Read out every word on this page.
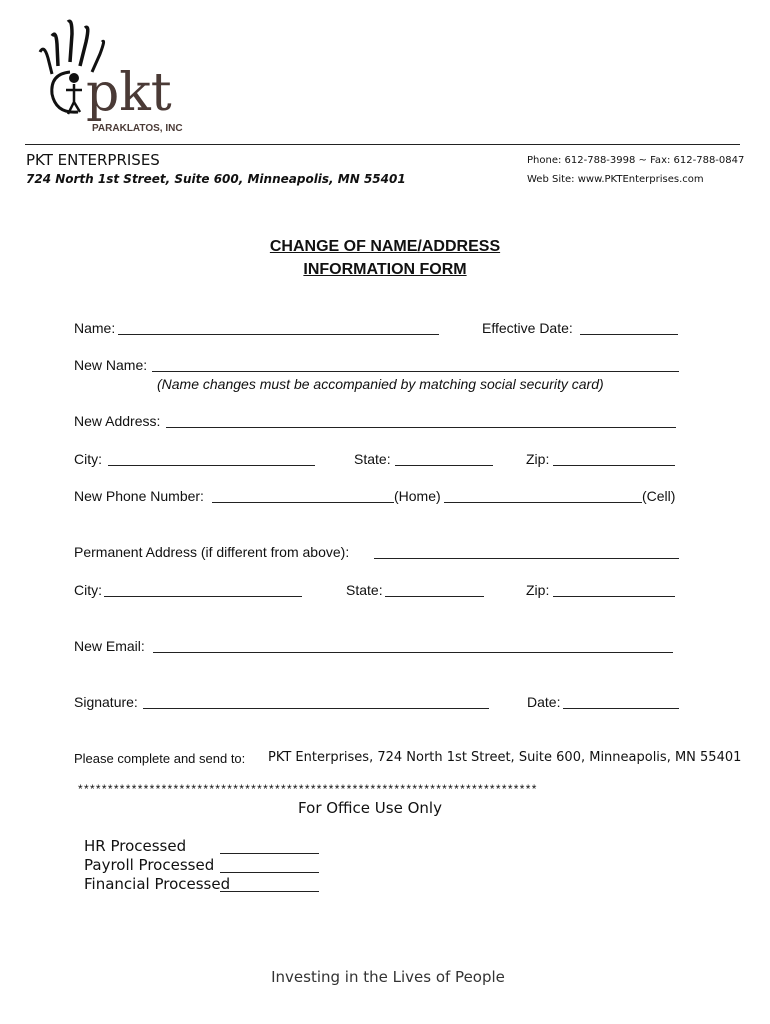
pkt
PARAKLATOS, INC
PKT ENTERPRISES
724 North 1st Street, Suite 600, Minneapolis, MN 55401
Phone: 612-788-3998 ~ Fax: 612-788-0847
Web Site: www.PKTEnterprises.com
CHANGE OF NAME/ADDRESS
INFORMATION FORM
Name:	Effective Date:
New Name:
(Name changes must be accompanied by matching social security card)
New Address:
City:	State:	Zip:
New Phone Number:	(Home)	(Cell)
Permanent Address (if different from above):
City:	State:	Zip:
New Email:
Signature:	Date:
Please complete and send to: PKT Enterprises, 724 North 1st Street, Suite 600, Minneapolis, MN 55401
*****************************************************************************
For Office Use Only
HR Processed
Payroll Processed
Financial Processed
Investing in the Lives of People
